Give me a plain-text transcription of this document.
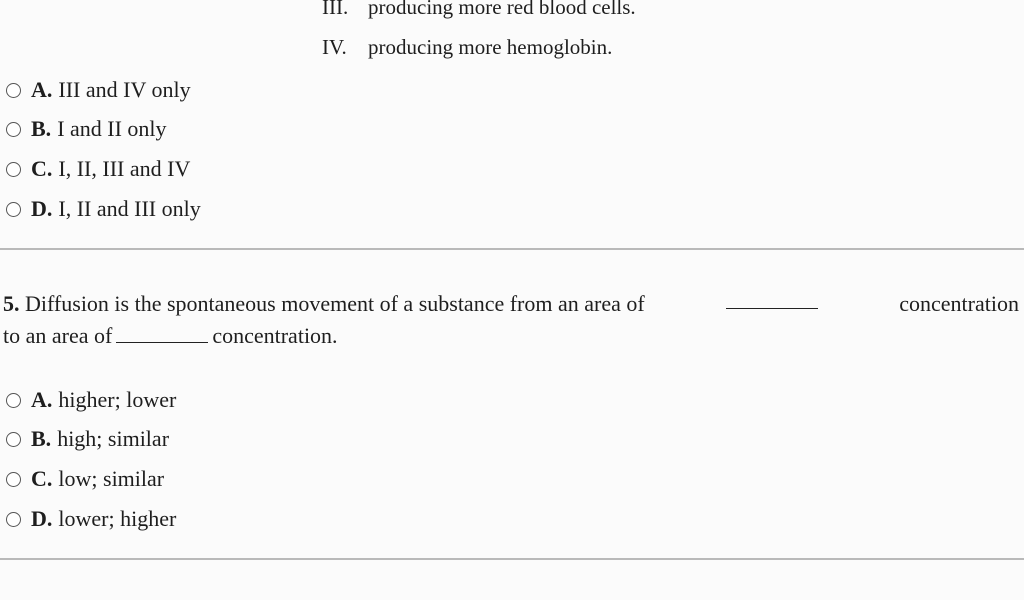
III. producing more red blood cells.
IV. producing more hemoglobin.
A. III and IV only
B. I and II only
C. I, II, III and IV
D. I, II and III only
5. Diffusion is the spontaneous movement of a substance from an area of	concentration
to an area of	concentration.
A. higher; lower
B. high; similar
C. low; similar
D. lower; higher
